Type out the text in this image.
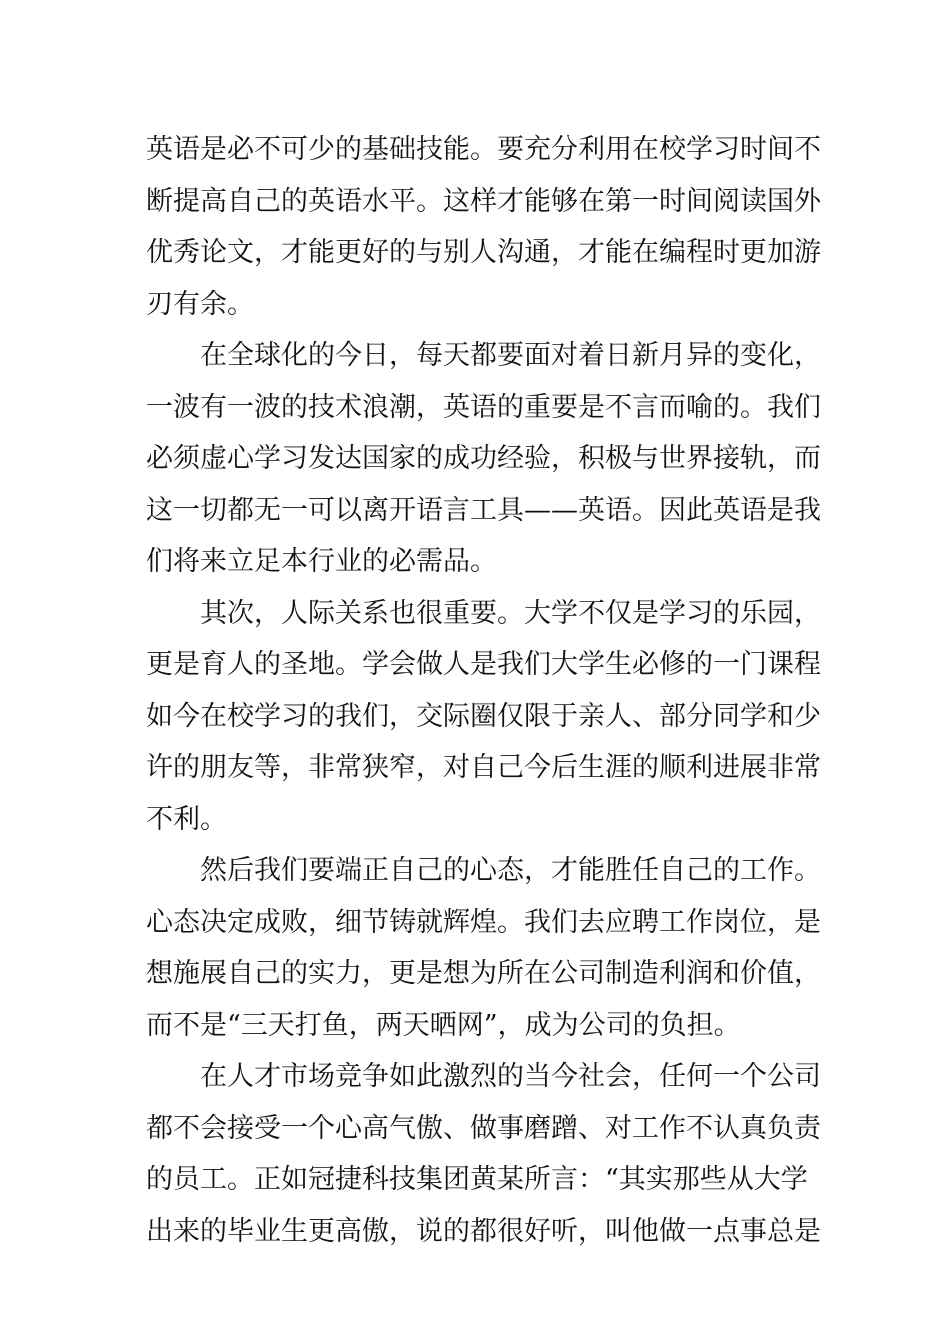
英语是必不可少的基础技能。要充分利用在校学习时间不
断提高自己的英语水平。这样才能够在第一时间阅读国外
优秀论文，才能更好的与别人沟通，才能在编程时更加游
刃有余。
在全球化的今日，每天都要面对着日新月异的变化，
一波有一波的技术浪潮，英语的重要是不言而喻的。我们
必须虚心学习发达国家的成功经验，积极与世界接轨，而
这一切都无一可以离开语言工具——英语。因此英语是我
们将来立足本行业的必需品。
其次，人际关系也很重要。大学不仅是学习的乐园，
更是育人的圣地。学会做人是我们大学生必修的一门课程
如今在校学习的我们，交际圈仅限于亲人、部分同学和少
许的朋友等，非常狭窄，对自己今后生涯的顺利进展非常
不利。
然后我们要端正自己的心态，才能胜任自己的工作。
心态决定成败，细节铸就辉煌。我们去应聘工作岗位，是
想施展自己的实力，更是想为所在公司制造利润和价值，
而不是“三天打鱼，两天晒网”，成为公司的负担。
在人才市场竞争如此激烈的当今社会，任何一个公司
都不会接受一个心高气傲、做事磨蹭、对工作不认真负责
的员工。正如冠捷科技集团黄某所言：“其实那些从大学
出来的毕业生更高傲，说的都很好听，叫他做一点事总是
